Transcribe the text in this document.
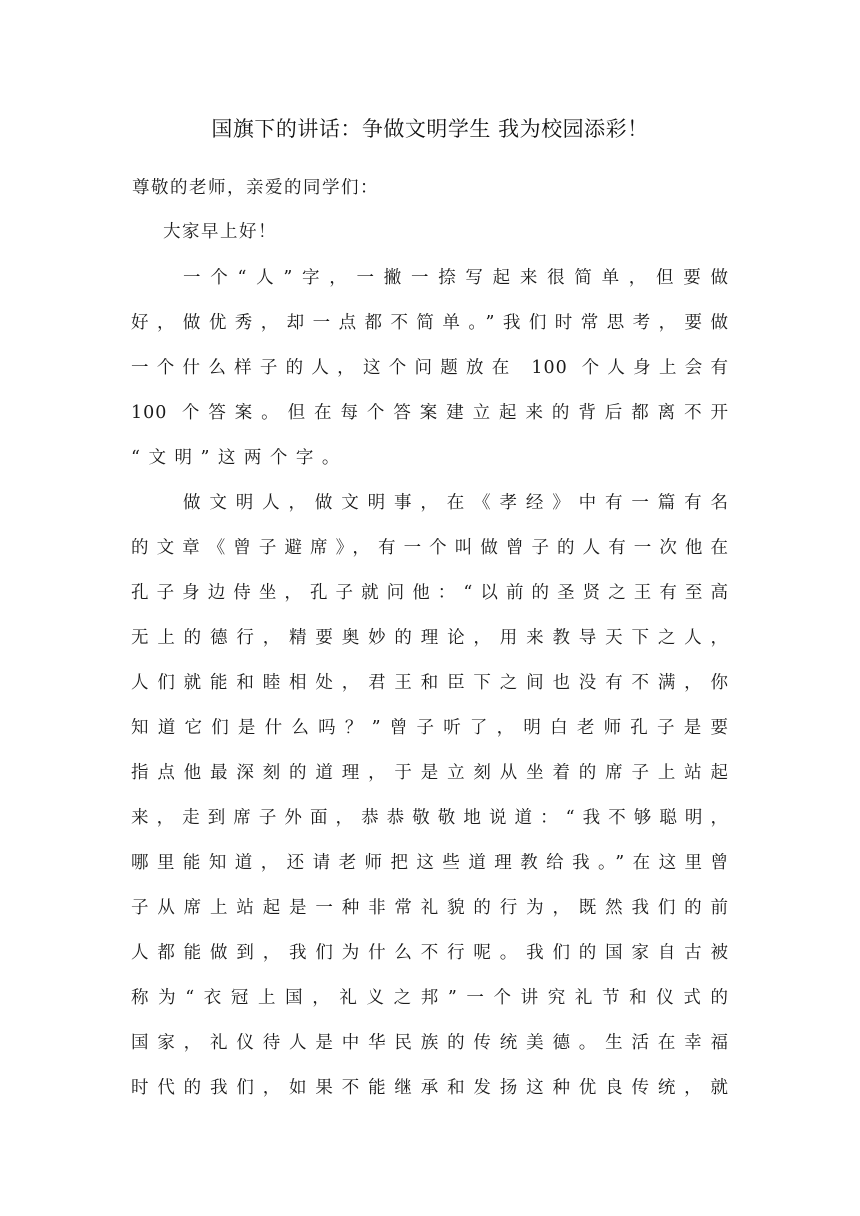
国旗下的讲话：争做文明学生 我为校园添彩！
尊敬的老师，亲爱的同学们：
大家早上好！
一个“人”字，一撇一捺写起来很简单，但要做
好，做优秀，却一点都不简单。”我们时常思考，要做
一个什么样子的人，这个问题放在 100 个人身上会有
100 个答案。但在每个答案建立起来的背后都离不开
“文明”这两个字。
做文明人，做文明事，在《孝经》中有一篇有名
的文章《曾子避席》，有一个叫做曾子的人有一次他在
孔子身边侍坐，孔子就问他：“以前的圣贤之王有至高
无上的德行，精要奥妙的理论，用来教导天下之人，
人们就能和睦相处，君王和臣下之间也没有不满，你
知道它们是什么吗？”曾子听了，明白老师孔子是要
指点他最深刻的道理，于是立刻从坐着的席子上站起
来，走到席子外面，恭恭敬敬地说道：“我不够聪明，
哪里能知道，还请老师把这些道理教给我。”在这里曾
子从席上站起是一种非常礼貌的行为，既然我们的前
人都能做到，我们为什么不行呢。我们的国家自古被
称为“衣冠上国，礼义之邦”一个讲究礼节和仪式的
国家，礼仪待人是中华民族的传统美德。生活在幸福
时代的我们，如果不能继承和发扬这种优良传统，就
